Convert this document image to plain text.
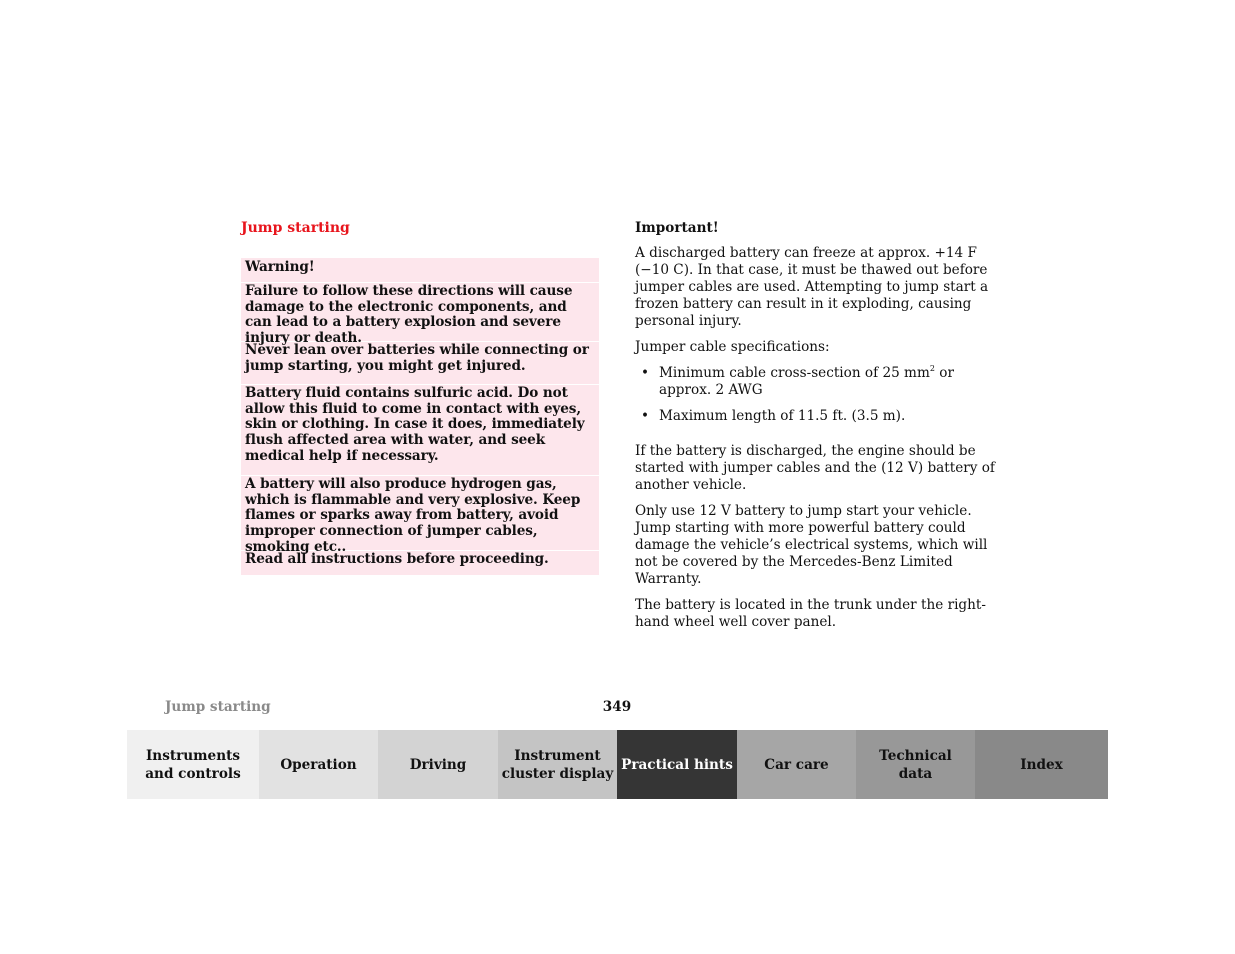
Jump starting

Warning!

Failure to follow these directions will cause damage to the electronic components, and can lead to a battery explosion and severe injury or death.

Never lean over batteries while connecting or jump starting, you might get injured.

Battery fluid contains sulfuric acid. Do not allow this fluid to come in contact with eyes, skin or clothing. In case it does, immediately flush affected area with water, and seek medical help if necessary.

A battery will also produce hydrogen gas, which is flammable and very explosive. Keep flames or sparks away from battery, avoid improper connection of jumper cables, smoking etc..

Read all instructions before proceeding.

Important!

A discharged battery can freeze at approx. +14 F (−10 C). In that case, it must be thawed out before jumper cables are used. Attempting to jump start a frozen battery can result in it exploding, causing personal injury.

Jumper cable specifications:

• Minimum cable cross-section of 25 $mm^2$ or approx. 2 AWG
• Maximum length of 11.5 ft. (3.5 m).

If the battery is discharged, the engine should be started with jumper cables and the (12 V) battery of another vehicle.

Only use 12 V battery to jump start your vehicle. Jump starting with more powerful battery could damage the vehicle’s electrical systems, which will not be covered by the Mercedes-Benz Limited Warranty.

The battery is located in the trunk under the right-hand wheel well cover panel.

Jump starting	349
Instruments
and controls
Operation	Driving
Instrument
cluster display
Practical hints	Car care
Technical
data
Index
